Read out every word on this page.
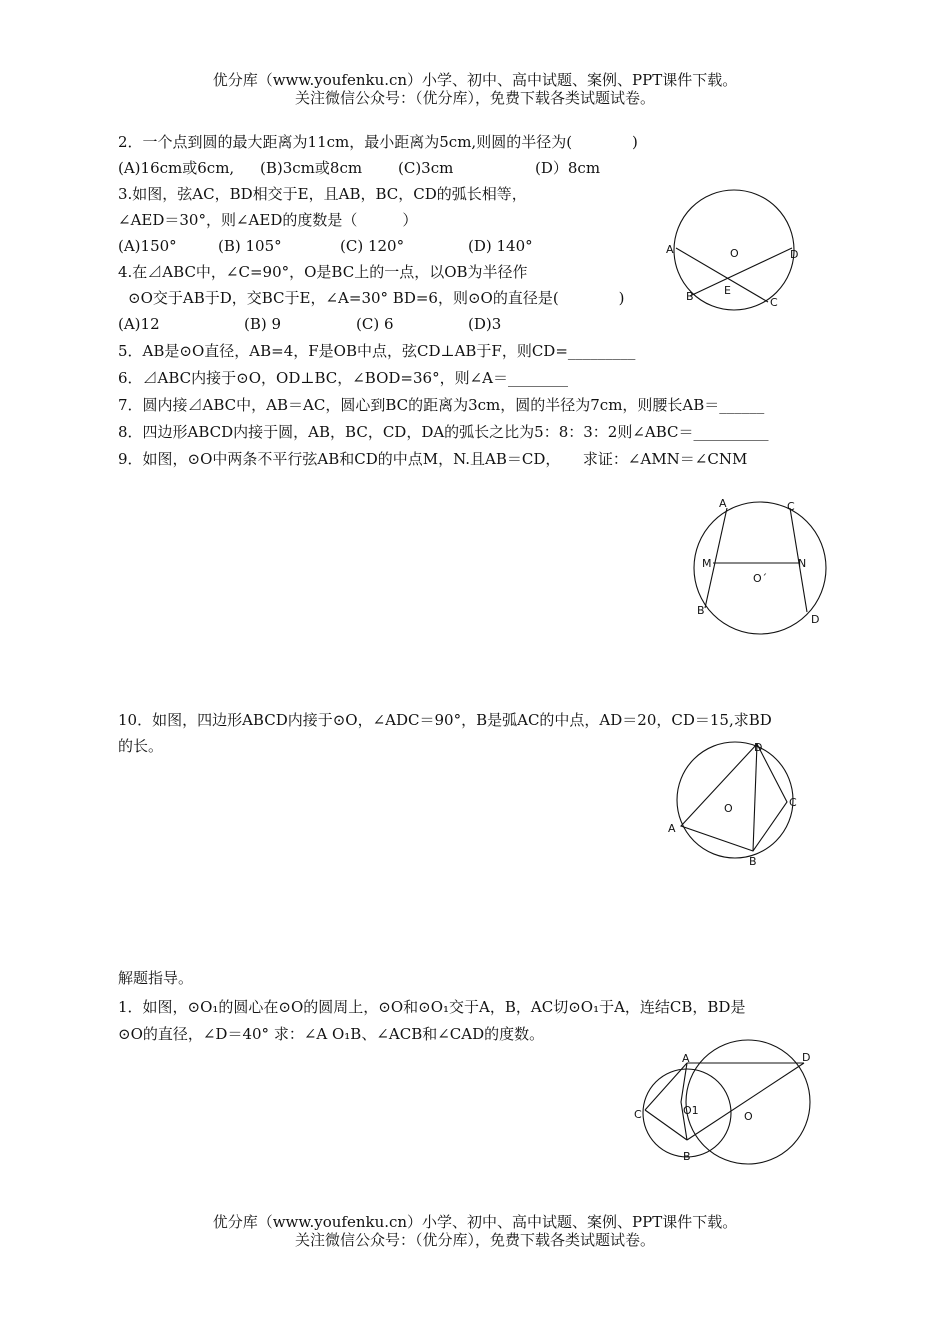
优分库（www.youfenku.cn）小学、初中、高中试题、案例、PPT课件下载。
关注微信公众号：（优分库），免费下载各类试题试卷。
2．一个点到圆的最大距离为11cm，最小距离为5cm,则圆的半径为(　　　　)
(A)16cm或6cm, (B)3cm或8cm (C)3cm	(D）8cm
3.如图，弦AC，BD相交于E，且AB，BC，CD的弧长相等，
∠AED＝30°，则∠AED的度数是（　　　）
(A)150°	(B) 105°	(C) 120°	(D) 140°
4.在⊿ABC中，∠C=90°，O是BC上的一点，以OB为半径作
⊙O交于AB于D，交BC于E，∠A=30° BD=6，则⊙O的直径是(　　　　)
(A)12	(B) 9	(C) 6	(D)3
5．AB是⊙O直径，AB=4，F是OB中点，弦CD⊥AB于F，则CD=_________
6．⊿ABC内接于⊙O，OD⊥BC，∠BOD=36°，则∠A＝________
7．圆内接⊿ABC中，AB＝AC，圆心到BC的距离为3cm，圆的半径为7cm，则腰长AB＝______
8．四边形ABCD内接于圆，AB，BC，CD，DA的弧长之比为5：8：3：2则∠ABC＝__________
9．如图，⊙O中两条不平行弦AB和CD的中点M，N.且AB＝CD，　　求证：∠AMN＝∠CNM
10．如图，四边形ABCD内接于⊙O，∠ADC＝90°，B是弧AC的中点，AD＝20，CD＝15,求BD
的长。
解题指导。
1．如图，⊙O₁的圆心在⊙O的圆周上，⊙O和⊙O₁交于A，B，AC切⊙O₁于A，连结CB，BD是
⊙O的直径，∠D＝40° 求：∠A O₁B、∠ACB和∠CAD的度数。
A	O	D
E
B	C
A	C
M	N
O´
B
D
D
O	C
A
B
A	D
C	O1	O
B
优分库（www.youfenku.cn）小学、初中、高中试题、案例、PPT课件下载。
关注微信公众号：（优分库），免费下载各类试题试卷。
